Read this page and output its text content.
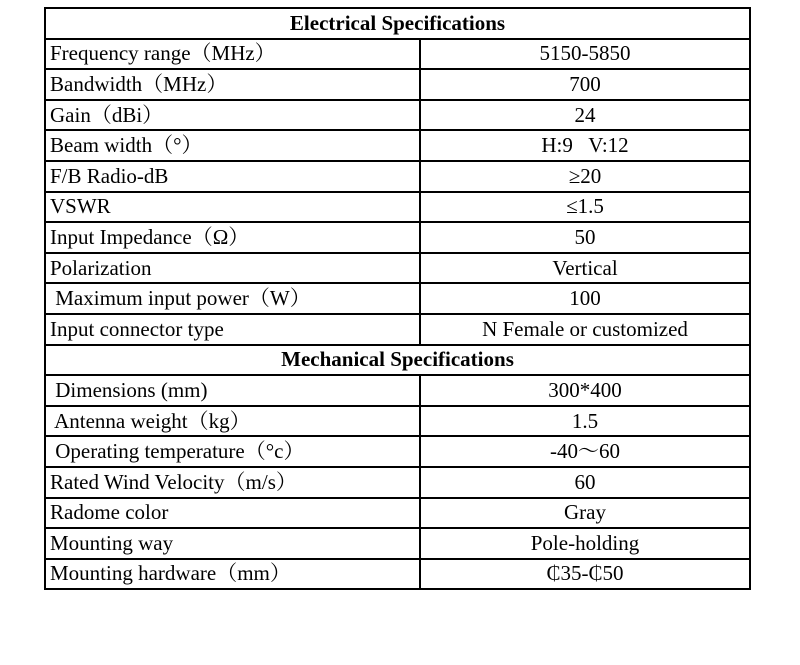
Electrical Specifications	
Frequency range（MHz）	5150-5850
Bandwidth（MHz）	700
Gain（dBi）	24
Beam width（°）	H:9   V:12
F/B Radio-dB	≥20
VSWR	≤1.5
Input Impedance（Ω）	50
Polarization	Vertical
Maximum input power（W）	100
Input connector type	N Female or customized
Mechanical Specifications	
Dimensions (mm)	300*400
Antenna weight（kg）	1.5
Operating temperature（°c）	-40～60
Rated Wind Velocity（m/s）	60
Radome color	Gray
Mounting way	Pole-holding
Mounting hardware（mm）	₵35-₵50
